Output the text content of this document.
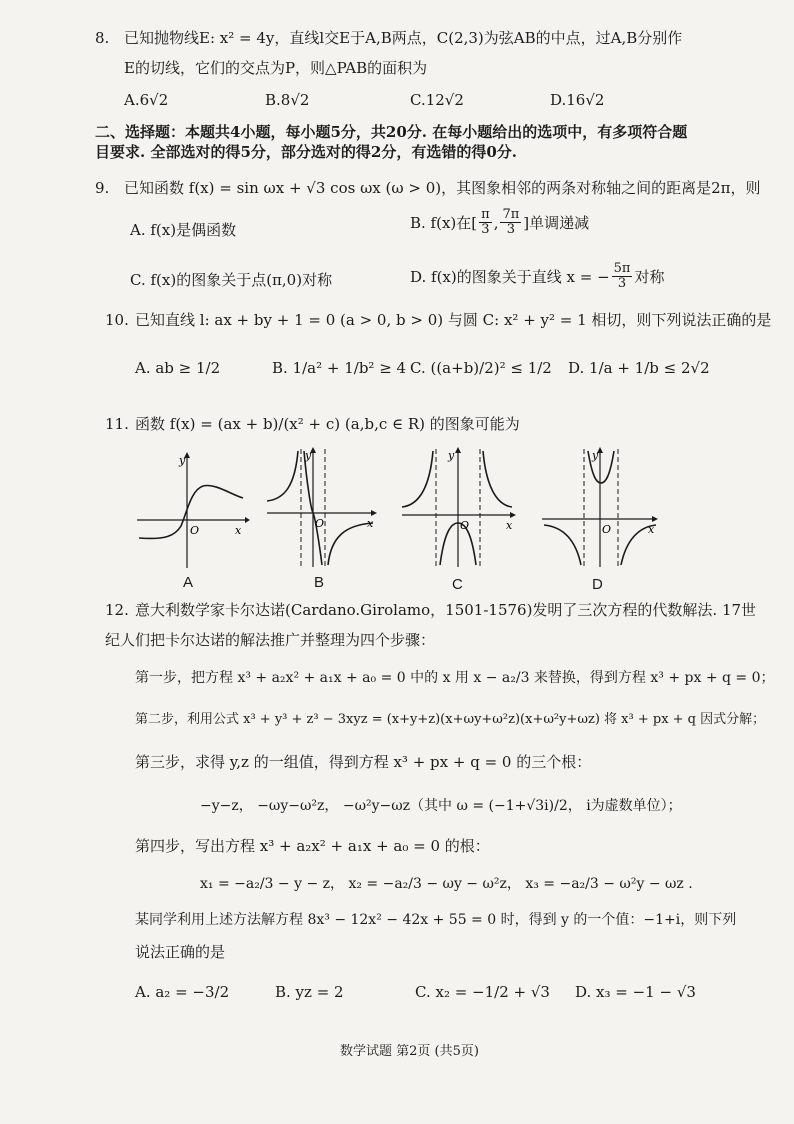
8. 已知抛物线E: x² = 4y，直线l交E于A,B两点，C(2,3)为弦AB的中点，过A,B分别作
E的切线，它们的交点为P，则△PAB的面积为
A.6√2	B.8√2	C.12√2	D.16√2
二、选择题：本题共4小题，每小题5分，共20分. 在每小题给出的选项中，有多项符合题
目要求. 全部选对的得5分，部分选对的得2分，有选错的得0分.
9. 已知函数 f(x) = sin ωx + √3 cos ωx (ω > 0)，其图象相邻的两条对称轴之间的距离是2π，则
A. f(x)是偶函数	B. f(x)在[ $\frac{\pi}{3}$ , $\frac{7\pi}{3}$ ]单调递减
C. f(x)的图象关于点(π,0)对称	D. f(x)的图象关于直线 x = − $\frac{5\pi}{3}$ 对称
10. 已知直线 l: ax + by + 1 = 0 (a > 0, b > 0) 与圆 C: x² + y² = 1 相切，则下列说法正确的是
A. ab ≥ 1/2	B. 1/a² + 1/b² ≥ 4 C. ((a+b)/2)² ≤ 1/2 D. 1/a + 1/b ≤ 2√2
11. 函数 f(x) = (ax + b)/(x² + c) (a,b,c ∈ R) 的图象可能为
y
x
O
A
y
x
O
B
y
x
O
C
y
x
O
D
12. 意大利数学家卡尔达诺(Cardano.Girolamo，1501-1576)发明了三次方程的代数解法. 17世
纪人们把卡尔达诺的解法推广并整理为四个步骤：
第一步，把方程 x³ + a₂x² + a₁x + a₀ = 0 中的 x 用 x − a₂/3 来替换，得到方程 x³ + px + q = 0；
第二步，利用公式 x³ + y³ + z³ − 3xyz = (x+y+z)(x+ωy+ω²z)(x+ω²y+ωz) 将 x³ + px + q 因式分解；
第三步，求得 y,z 的一组值，得到方程 x³ + px + q = 0 的三个根：
−y−z， −ωy−ω²z， −ω²y−ωz（其中 ω = (−1+√3i)/2， i为虚数单位）；
第四步，写出方程 x³ + a₂x² + a₁x + a₀ = 0 的根：
x₁ = −a₂/3 − y − z， x₂ = −a₂/3 − ωy − ω²z， x₃ = −a₂/3 − ω²y − ωz .
某同学利用上述方法解方程 8x³ − 12x² − 42x + 55 = 0 时，得到 y 的一个值：−1+i，则下列
说法正确的是
A. a₂ = −3/2	B. yz = 2	C. x₂ = −1/2 + √3 D. x₃ = −1 − √3
数学试题 第2页 (共5页)
